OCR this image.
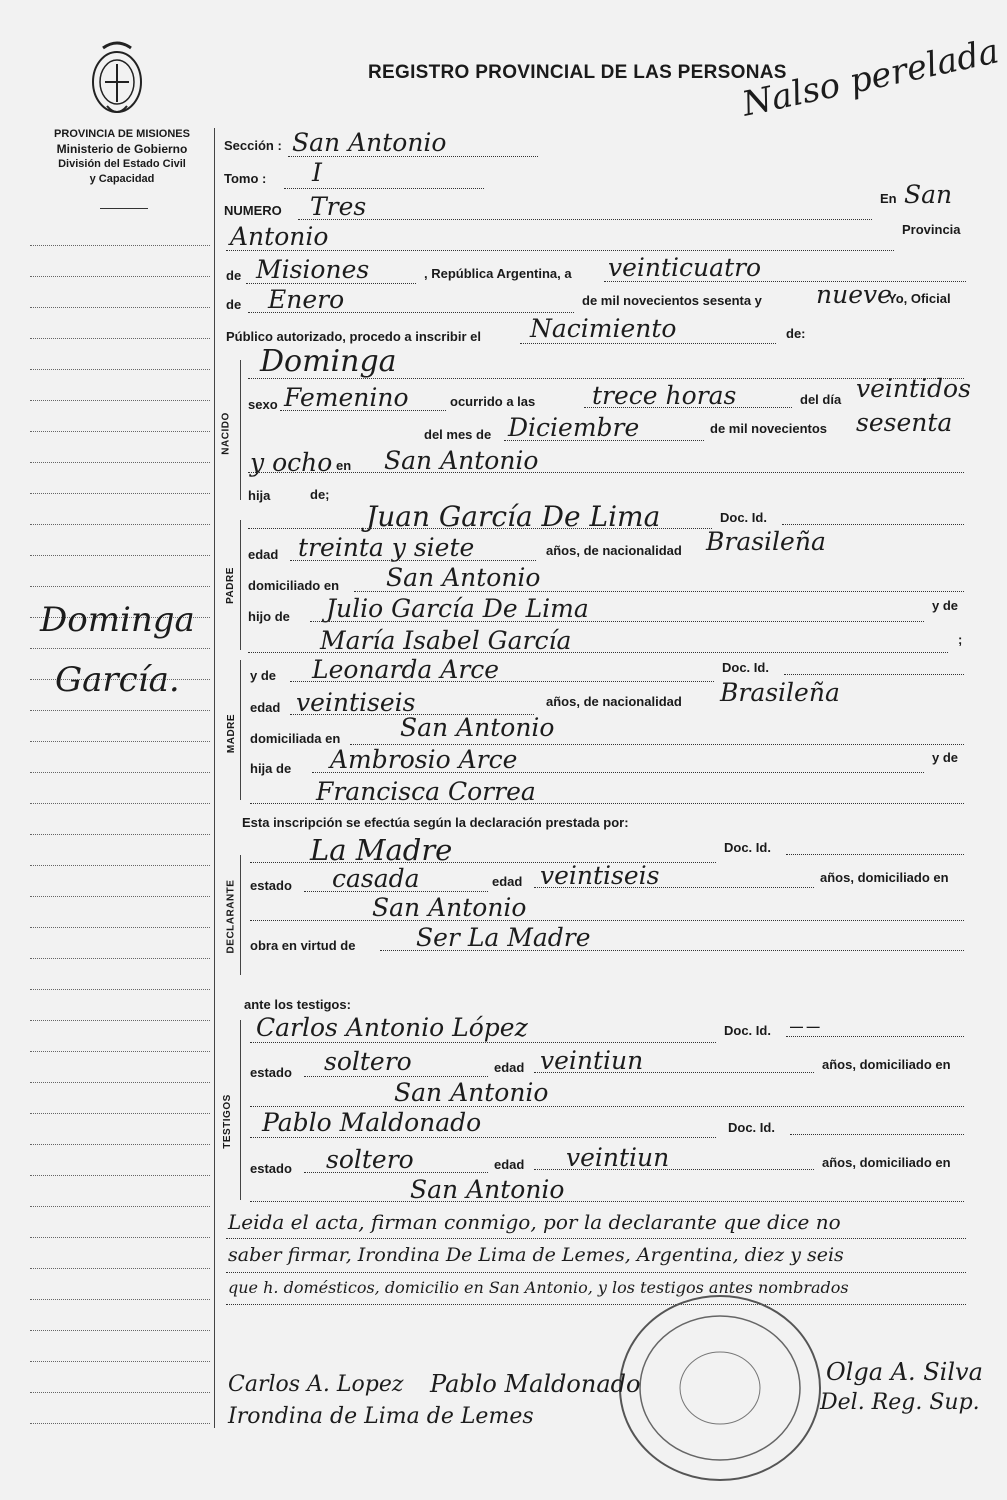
PROVINCIA DE MISIONES
Ministerio de Gobierno
División del Estado Civil
y Capacidad
REGISTRO PROVINCIAL DE LAS PERSONAS
Nalso perelada
Dominga
García.
Sección : San Antonio
Tomo : I
NUMERO Tres	En San
Antonio	Provincia
de Misiones	, República Argentina, a veinticuatro
de Enero	de mil novecientos sesenta y nueve
Yo, Oficial
Público autorizado, procedo a inscribir el Nacimiento	de:
NACIDO
Dominga
sexo Femenino	ocurrido a las trece horas	del día veintidos
del mes de Diciembre	de mil novecientos sesenta
y ocho en San Antonio
hija	de;
PADRE
Juan García De Lima	Doc. Id.
edad treinta y siete	años, de nacionalidad Brasileña
domiciliado en San Antonio
hijo de Julio García De Lima	y de
María Isabel García	;
MADRE
y de Leonarda Arce	Doc. Id.
edad veintiseis	años, de nacionalidad Brasileña
domiciliada en San Antonio
hija de Ambrosio Arce	y de
Francisca Correa
Esta inscripción se efectúa según la declaración prestada por:
DECLARANTE
La Madre	Doc. Id.
estado casada	edad veintiseis	años, domiciliado en
San Antonio
obra en virtud de Ser La Madre
ante los testigos:
TESTIGOS
Carlos Antonio López	Doc. Id. — —
estado soltero	edad veintiun	años, domiciliado en
San Antonio
Pablo Maldonado	Doc. Id.
estado soltero	edad veintiun	años, domiciliado en
San Antonio
Leida el acta, firman conmigo, por la declarante que dice no
saber firmar, Irondina De Lima de Lemes, Argentina, diez y seis
que h. domésticos, domicilio en San Antonio, y los testigos antes nombrados
Carlos A. Lopez Pablo Maldonado
Irondina de Lima de Lemes
Olga A. Silva
Del. Reg. Sup.
